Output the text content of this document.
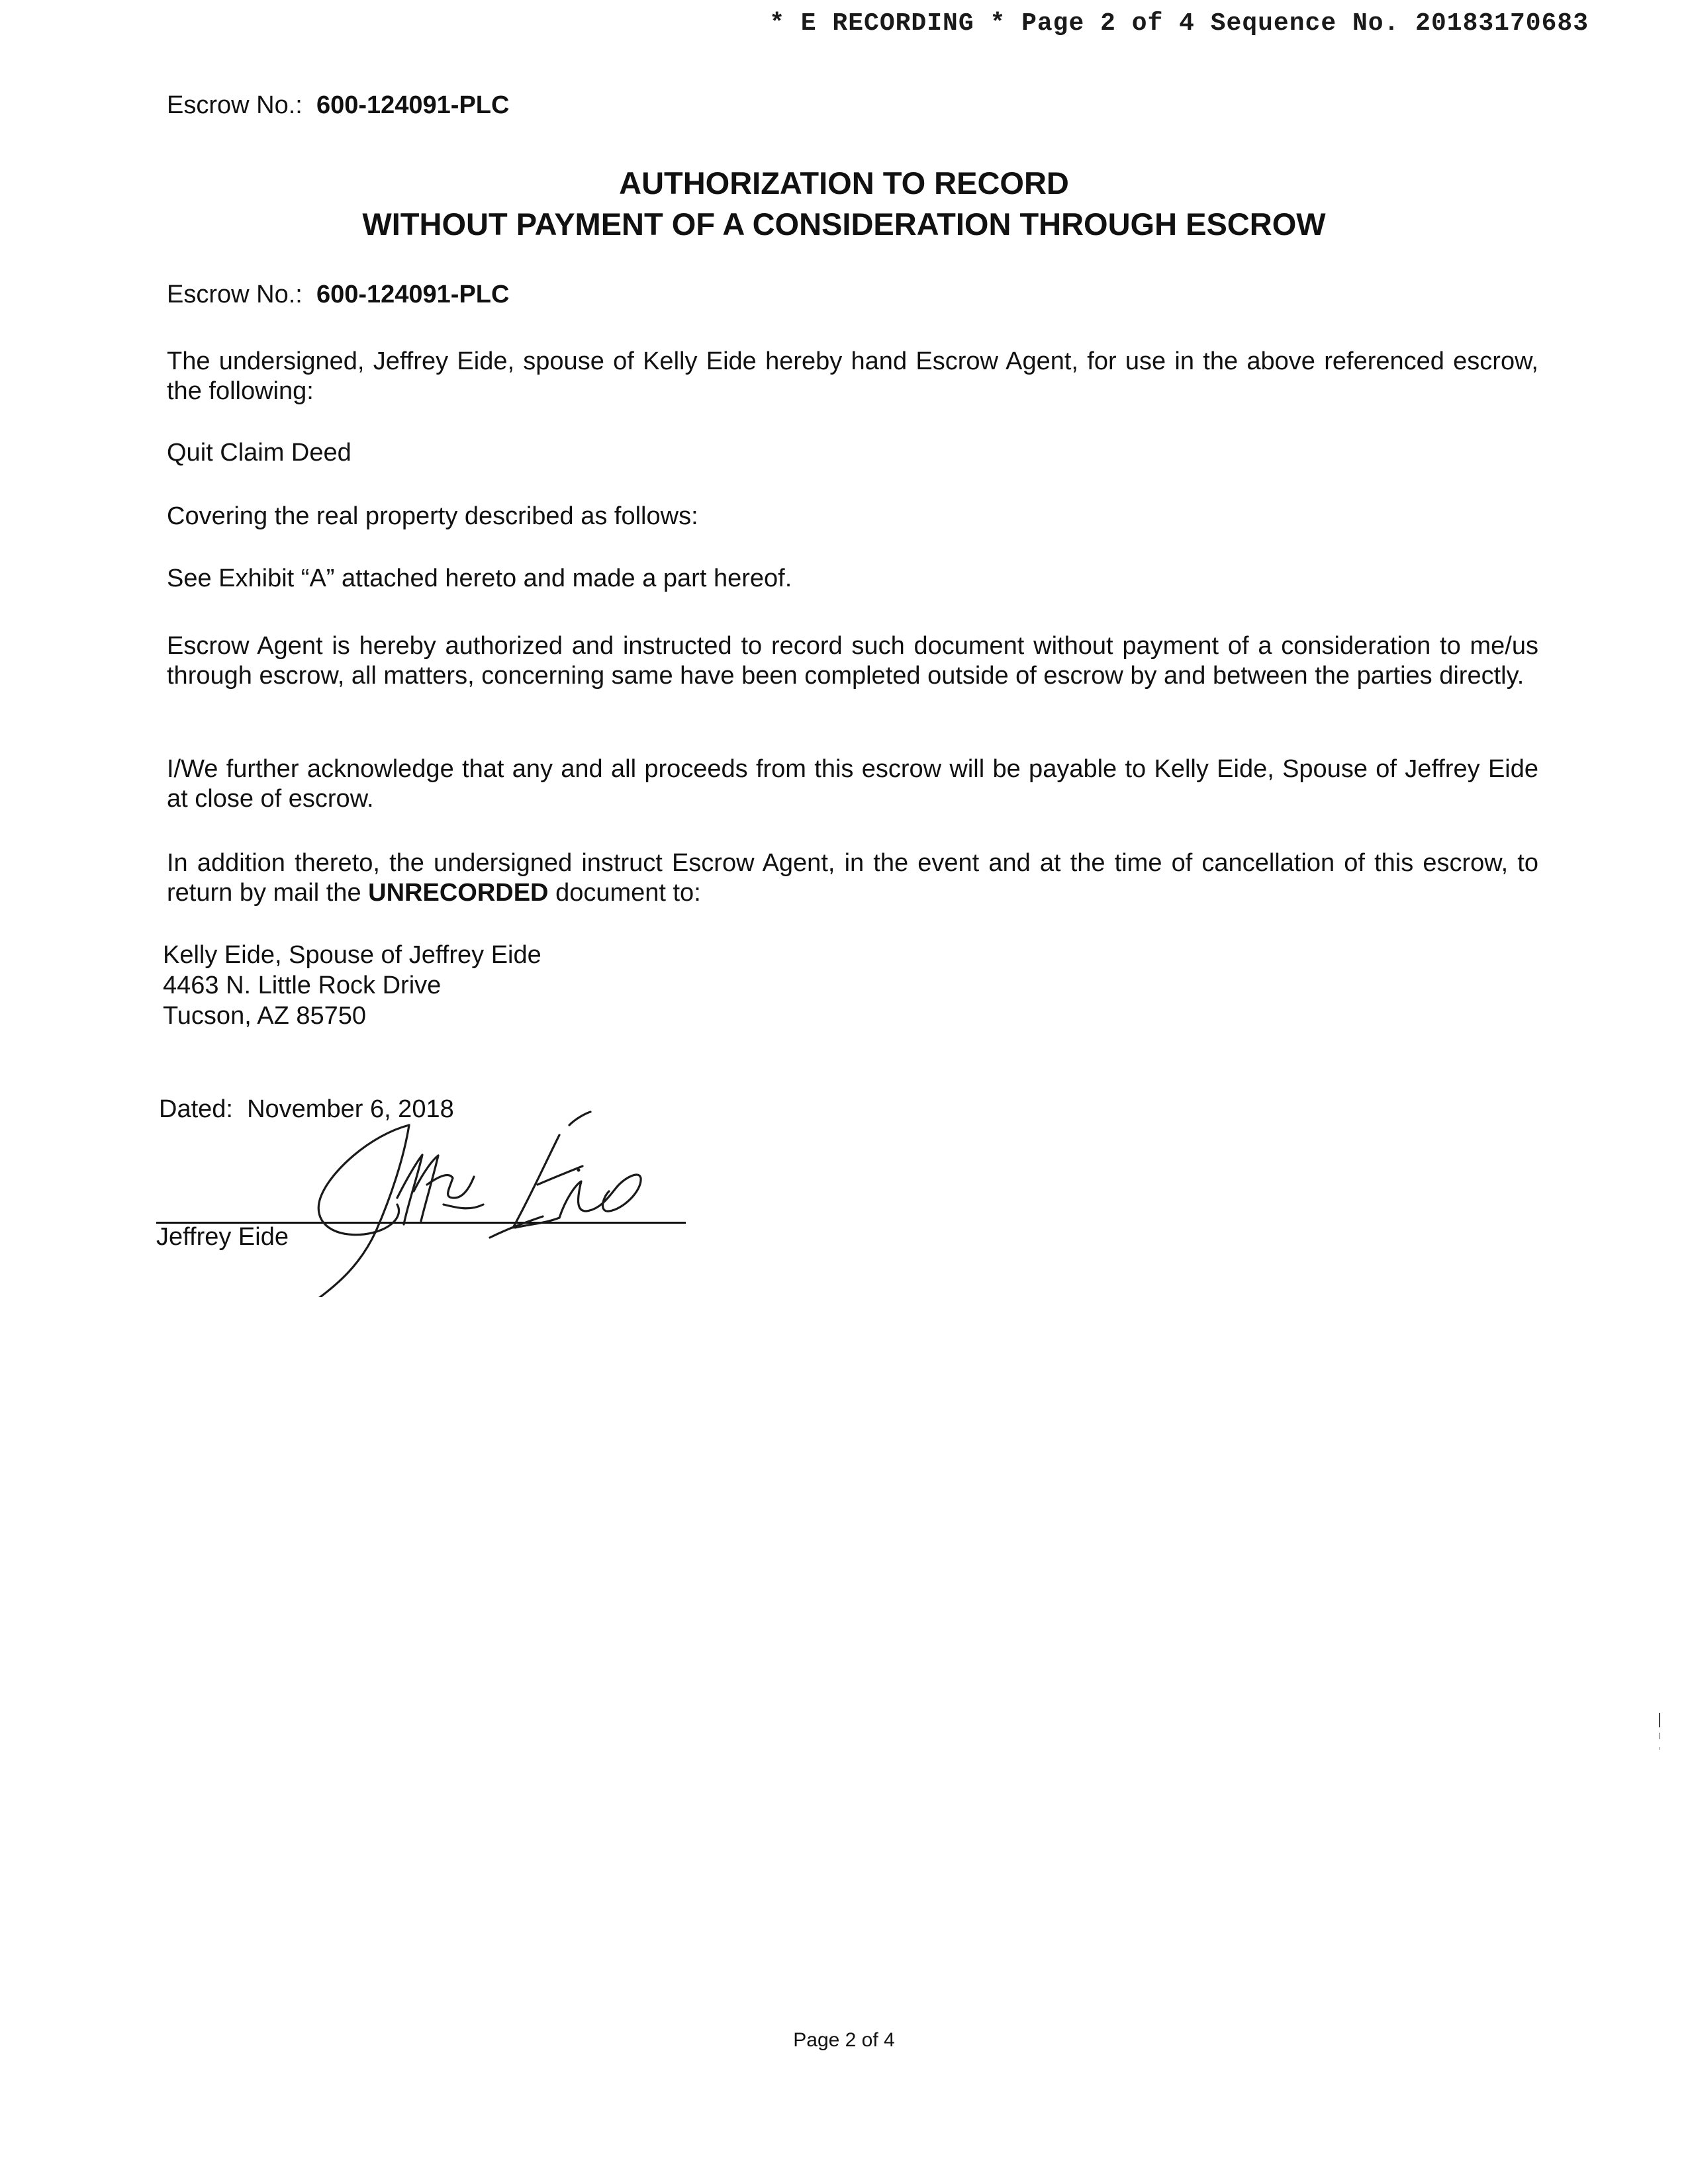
* E RECORDING * Page 2 of 4 Sequence No. 20183170683
Escrow No.: 600-124091-PLC
AUTHORIZATION TO RECORD
WITHOUT PAYMENT OF A CONSIDERATION THROUGH ESCROW
Escrow No.: 600-124091-PLC
The undersigned, Jeffrey Eide, spouse of Kelly Eide hereby hand Escrow Agent, for use in the above referenced escrow, the following:
Quit Claim Deed
Covering the real property described as follows:
See Exhibit “A” attached hereto and made a part hereof.
Escrow Agent is hereby authorized and instructed to record such document without payment of a consideration to me/us through escrow, all matters, concerning same have been completed outside of escrow by and between the parties directly.
I/We further acknowledge that any and all proceeds from this escrow will be payable to Kelly Eide, Spouse of Jeffrey Eide at close of escrow.
In addition thereto, the undersigned instruct Escrow Agent, in the event and at the time of cancellation of this escrow, to return by mail the UNRECORDED document to:
Kelly Eide, Spouse of Jeffrey Eide
4463 N. Little Rock Drive
Tucson, AZ 85750
Dated: November 6, 2018
Jeffrey Eide
Page 2 of 4
